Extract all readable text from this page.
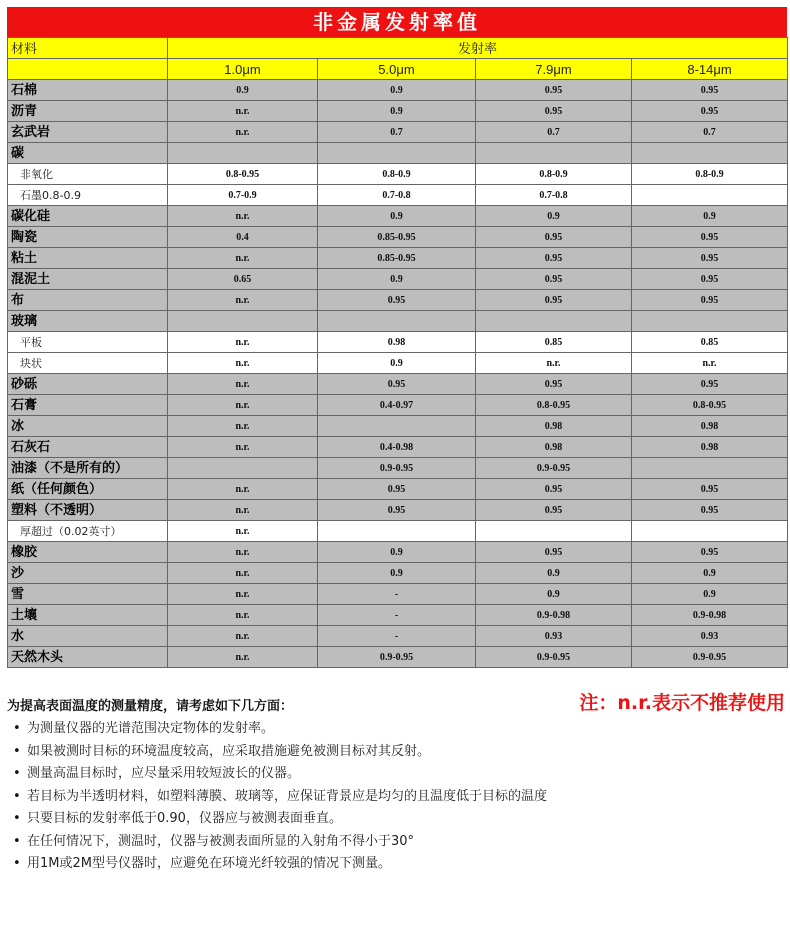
非金属发射率值
材料	发射率			
	1.0μm	5.0μm	7.9μm	8-14μm
石棉	0.9	0.9	0.95	0.95
沥青	n.r.	0.9	0.95	0.95
玄武岩	n.r.	0.7	0.7	0.7
碳				
非氧化	0.8-0.95	0.8-0.9	0.8-0.9	0.8-0.9
石墨0.8-0.9	0.7-0.9	0.7-0.8	0.7-0.8	
碳化硅	n.r.	0.9	0.9	0.9
陶瓷	0.4	0.85-0.95	0.95	0.95
粘土	n.r.	0.85-0.95	0.95	0.95
混泥土	0.65	0.9	0.95	0.95
布	n.r.	0.95	0.95	0.95
玻璃				
平板	n.r.	0.98	0.85	0.85
块状	n.r.	0.9	n.r.	n.r.
砂砾	n.r.	0.95	0.95	0.95
石膏	n.r.	0.4-0.97	0.8-0.95	0.8-0.95
冰	n.r.		0.98	0.98
石灰石	n.r.	0.4-0.98	0.98	0.98
油漆（不是所有的）		0.9-0.95	0.9-0.95	
纸（任何颜色）	n.r.	0.95	0.95	0.95
塑料（不透明）	n.r.	0.95	0.95	0.95
厚超过（0.02英寸）	n.r.			
橡胶	n.r.	0.9	0.95	0.95
沙	n.r.	0.9	0.9	0.9
雪	n.r.	-	0.9	0.9
土壤	n.r.	-	0.9-0.98	0.9-0.98
水	n.r.	-	0.93	0.93
天然木头	n.r.	0.9-0.95	0.9-0.95	0.9-0.95
为提高表面温度的测量精度，请考虑如下几方面：	注：n.r.表示不推荐使用
• 为测量仪器的光谱范围决定物体的发射率。
• 如果被测时目标的环境温度较高，应采取措施避免被测目标对其反射。
• 测量高温目标时，应尽量采用较短波长的仪器。
• 若目标为半透明材料，如塑料薄膜、玻璃等，应保证背景应是均匀的且温度低于目标的温度
• 只要目标的发射率低于0.90，仪器应与被测表面垂直。
• 在任何情况下，测温时，仪器与被测表面所显的入射角不得小于30°
• 用1M或2M型号仪器时，应避免在环境光纤较强的情况下测量。
